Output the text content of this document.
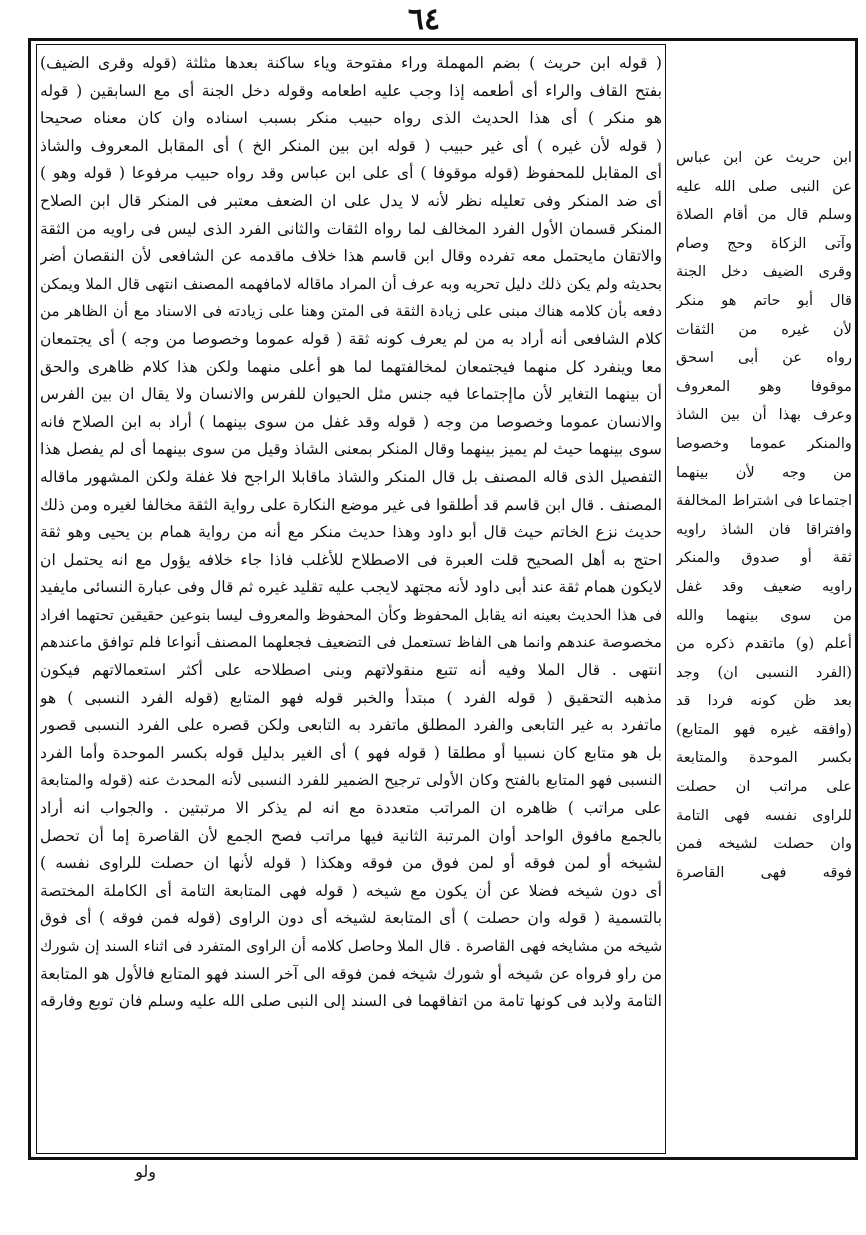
٦٤
( قوله ابن حريث ) بضم المهملة وراء مفتوحة وياء ساكنة بعدها مثلثة (قوله وقرى الضيف)
بفتح القاف والراء أى أطعمه إذا وجب عليه اطعامه وقوله دخل الجنة أى مع السابقين ( قوله
هو منكر ) أى هذا الحديث الذى رواه حبيب منكر بسبب اسناده وان كان معناه صحيحا
( قوله لأن غيره ) أى غير حبيب ( قوله ابن بين المنكر الخ ) أى المقابل المعروف والشاذ
أى المقابل للمحفوظ (قوله موقوفا ) أى على ابن عباس وقد رواه حبيب مرفوعا ( قوله وهو )
أى ضد المنكر وفى تعليله نظر لأنه لا يدل على ان الضعف معتبر فى المنكر قال ابن الصلاح
المنكر قسمان الأول الفرد المخالف لما رواه الثقات والثانى الفرد الذى ليس فى راويه من الثقة
والاتقان مايحتمل معه تفرده وقال ابن قاسم هذا خلاف ماقدمه عن الشافعى لأن النقصان أضر
بحديثه ولم يكن ذلك دليل تحريه وبه عرف أن المراد ماقاله لامافهمه المصنف انتهى قال الملا ويمكن
دفعه بأن كلامه هناك مبنى على زيادة الثقة فى المتن وهنا على زيادته فى الاسناد مع أن الظاهر من
كلام الشافعى أنه أراد به من لم يعرف كونه ثقة ( قوله عموما وخصوصا من وجه ) أى يجتمعان
معا وينفرد كل منهما فيجتمعان لمخالفتهما لما هو أعلى منهما ولكن هذا كلام ظاهرى والحق
أن بينهما التغاير لأن ماإجتماعا فيه جنس مثل الحيوان للفرس والانسان ولا يقال ان بين الفرس
والانسان عموما وخصوصا من وجه ( قوله وقد غفل من سوى بينهما ) أراد به ابن الصلاح فانه
سوى بينهما حيث لم يميز بينهما وقال المنكر بمعنى الشاذ وقيل من سوى بينهما أى لم يفصل هذا
التفصيل الذى قاله المصنف بل قال المنكر والشاذ ماقابلا الراجح فلا غفلة ولكن المشهور ماقاله
المصنف . قال ابن قاسم قد أطلقوا فى غير موضع النكارة على رواية الثقة مخالفا لغيره ومن ذلك
حديث نزع الخاتم حيث قال أبو داود وهذا حديث منكر مع أنه من رواية همام بن يحيى وهو ثقة
احتج به أهل الصحيح قلت العبرة فى الاصطلاح للأغلب فاذا جاء خلافه يؤول مع انه يحتمل ان
لايكون همام ثقة عند أبى داود لأنه مجتهد لايجب عليه تقليد غيره ثم قال وفى عبارة النسائى مايفيد
فى هذا الحديث بعينه انه يقابل المحفوظ وكأن المحفوظ والمعروف ليسا بنوعين حقيقين تحتهما افراد
مخصوصة عندهم وانما هى الفاظ تستعمل فى التضعيف فجعلهما المصنف أنواعا فلم توافق ماعندهم
انتهى . قال الملا وفيه أنه تتبع منقولاتهم وبنى اصطلاحه على أكثر استعمالاتهم فيكون
مذهبه التحقيق ( قوله الفرد ) مبتدأ والخبر قوله فهو المتابع (قوله الفرد النسبى ) هو
ماتفرد به غير التابعى والفرد المطلق ماتفرد به التابعى ولكن قصره على الفرد النسبى قصور
بل هو متابع كان نسبيا أو مطلقا ( قوله فهو ) أى الغير بدليل قوله بكسر الموحدة وأما الفرد
النسبى فهو المتابع بالفتح وكان الأولى ترجيح الضمير للفرد النسبى لأنه المحدث عنه (قوله والمتابعة
على مراتب ) ظاهره ان المراتب متعددة مع انه لم يذكر الا مرتبتين . والجواب انه أراد
بالجمع مافوق الواحد أوان المرتبة الثانية فيها مراتب فصح الجمع لأن القاصرة إما أن تحصل
لشيخه أو لمن فوقه أو لمن فوق من فوقه وهكذا ( قوله لأنها ان حصلت للراوى نفسه )
أى دون شيخه فضلا عن أن يكون مع شيخه ( قوله فهى المتابعة التامة أى الكاملة المختصة
بالتسمية ( قوله وان حصلت ) أى المتابعة لشيخه أى دون الراوى (قوله فمن فوقه ) أى فوق
شيخه من مشايخه فهى القاصرة . قال الملا وحاصل كلامه أن الراوى المتفرد فى اثناء السند إن شورك
من راو فرواه عن شيخه أو شورك شيخه فمن فوقه الى آخر السند فهو المتابع فالأول هو المتابعة
التامة ولابد فى كونها تامة من اتفاقهما فى السند إلى النبى صلى الله عليه وسلم فان توبع وفارقه
ابن حريث عن ابن عباس
عن النبى صلى الله عليه
وسلم قال من أقام الصلاة
وآتى الزكاة وحج وصام
وقرى الضيف دخل الجنة
قال أبو حاتم هو منكر
لأن غيره من الثقات
رواه عن أبى اسحق
موقوفا وهو المعروف
وعرف بهذا أن بين الشاذ
والمنكر عموما وخصوصا
من وجه لأن بينهما
اجتماعا فى اشتراط المخالفة
وافتراقا فان الشاذ راويه
ثقة أو صدوق والمنكر
راويه ضعيف وقد غفل
من سوى بينهما والله
أعلم (و) ماتقدم ذكره من
(الفرد النسبى ان) وجد
بعد ظن كونه فردا قد
(وافقه غيره فهو المتابع)
بكسر الموحدة والمتابعة
على مراتب ان حصلت
للراوى نفسه فهى التامة
وان حصلت لشيخه فمن
فوقه فهى القاصرة
ولو
